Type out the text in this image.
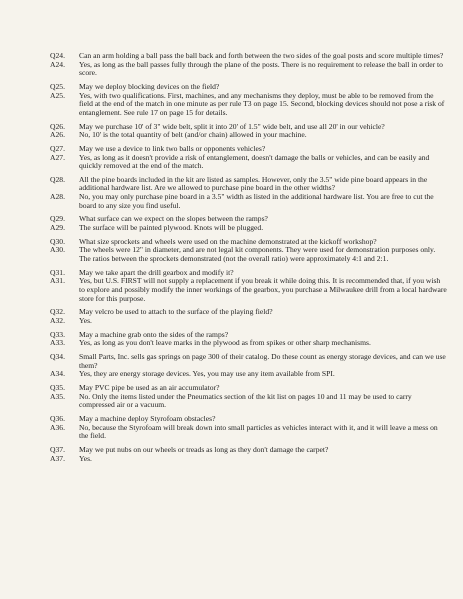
Q24.	Can an arm holding a ball pass the ball back and forth between the two sides of the goal posts and score multiple times?
A24.	Yes, as long as the ball passes fully through the plane of the posts. There is no requirement to release the ball in order to score.
Q25.	May we deploy blocking devices on the field?
A25.	Yes, with two qualifications. First, machines, and any mechanisms they deploy, must be able to be removed from the field at the end of the match in one minute as per rule T3 on page 15. Second, blocking devices should not pose a risk of entanglement. See rule 17 on page 15 for details.
Q26.	May we purchase 10' of 3" wide belt, split it into 20' of 1.5" wide belt, and use all 20' in our vehicle?
A26.	No, 10' is the total quantity of belt (and/or chain) allowed in your machine.
Q27.	May we use a device to link two balls or opponents vehicles?
A27.	Yes, as long as it doesn't provide a risk of entanglement, doesn't damage the balls or vehicles, and can be easily and quickly removed at the end of the match.
Q28.	All the pine boards included in the kit are listed as samples. However, only the 3.5" wide pine board appears in the additional hardware list. Are we allowed to purchase pine board in the other widths?
A28.	No, you may only purchase pine board in a 3.5" width as listed in the additional hardware list. You are free to cut the board to any size you find useful.
Q29.	What surface can we expect on the slopes between the ramps?
A29.	The surface will be painted plywood. Knots will be plugged.
Q30.	What size sprockets and wheels were used on the machine demonstrated at the kickoff workshop?
A30.	The wheels were 12" in diameter, and are not legal kit components. They were used for demonstration purposes only. The ratios between the sprockets demonstrated (not the overall ratio) were approximately 4:1 and 2:1.
Q31.	May we take apart the drill gearbox and modify it?
A31.	Yes, but U.S. FIRST will not supply a replacement if you break it while doing this. It is recommended that, if you wish to explore and possibly modify the inner workings of the gearbox, you purchase a Milwaukee drill from a local hardware store for this purpose.
Q32.	May velcro be used to attach to the surface of the playing field?
A32.	Yes.
Q33.	May a machine grab onto the sides of the ramps?
A33.	Yes, as long as you don't leave marks in the plywood as from spikes or other sharp mechanisms.
Q34.	Small Parts, Inc. sells gas springs on page 300 of their catalog. Do these count as energy storage devices, and can we use them?
A34.	Yes, they are energy storage devices. Yes, you may use any item available from SPI.
Q35.	May PVC pipe be used as an air accumulator?
A35.	No. Only the items listed under the Pneumatics section of the kit list on pages 10 and 11 may be used to carry compressed air or a vacuum.
Q36.	May a machine deploy Styrofoam obstacles?
A36.	No, because the Styrofoam will break down into small particles as vehicles interact with it, and it will leave a mess on the field.
Q37.	May we put nubs on our wheels or treads as long as they don't damage the carpet?
A37.	Yes.
